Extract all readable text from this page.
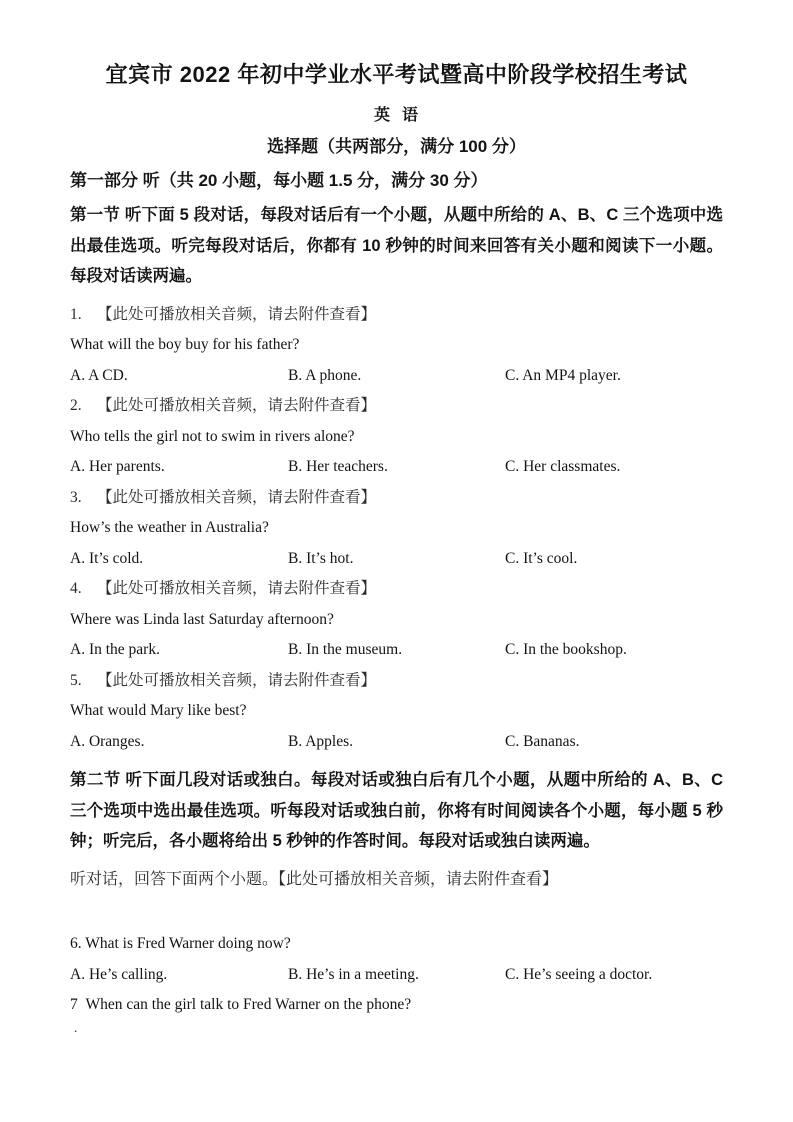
宜宾市 2022 年初中学业水平考试暨高中阶段学校招生考试
英  语
选择题（共两部分，满分 100 分）
第一部分 听（共 20 小题，每小题 1.5 分，满分 30 分）

第一节 听下面 5 段对话，每段对话后有一个小题，从题中所给的 A、B、C 三个选项中选出最佳选项。听完每段对话后，你都有 10 秒钟的时间来回答有关小题和阅读下一小题。每段对话读两遍。

1. 【此处可播放相关音频，请去附件查看】
What will the boy buy for his father?
A. A CD.	B. A phone.	C. An MP4 player.
2. 【此处可播放相关音频，请去附件查看】
Who tells the girl not to swim in rivers alone?
A. Her parents.	B. Her teachers.	C. Her classmates.
3. 【此处可播放相关音频，请去附件查看】
How’s the weather in Australia?
A. It’s cold.	B. It’s hot.	C. It’s cool.
4. 【此处可播放相关音频，请去附件查看】
Where was Linda last Saturday afternoon?
A. In the park.	B. In the museum.	C. In the bookshop.
5. 【此处可播放相关音频，请去附件查看】
What would Mary like best?
A. Oranges.	B. Apples.	C. Bananas.

第二节 听下面几段对话或独白。每段对话或独白后有几个小题，从题中所给的 A、B、C 三个选项中选出最佳选项。听每段对话或独白前，你将有时间阅读各个小题，每小题 5 秒钟；听完后，各小题将给出 5 秒钟的作答时间。每段对话或独白读两遍。

听对话，回答下面两个小题。【此处可播放相关音频，请去附件查看】
6. What is Fred Warner doing now?
A. He’s calling.	B. He’s in a meeting.	C. He’s seeing a doctor.
7  When can the girl talk to Fred Warner on the phone?
.
